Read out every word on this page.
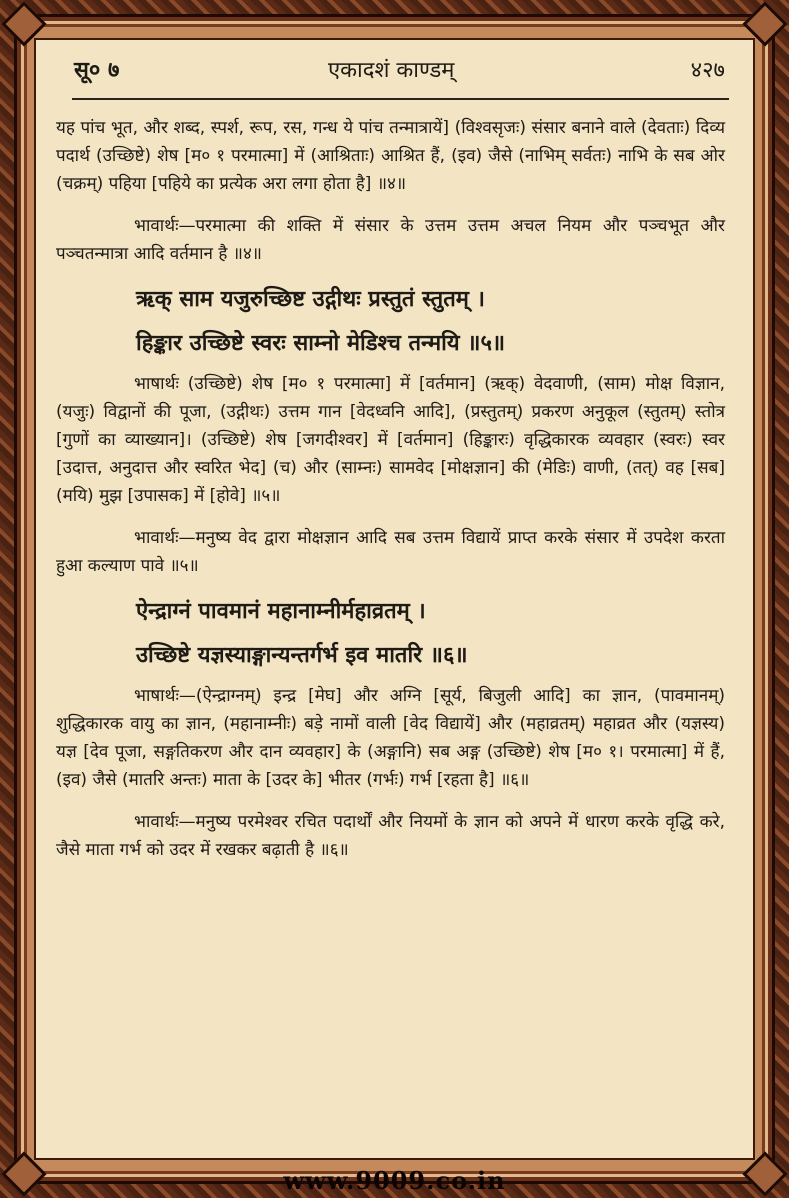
सू० ७	एकादशं काण्डम्	४२७

यह पांच भूत, और शब्द, स्पर्श, रूप, रस, गन्ध ये पांच तन्मात्रायें] (विश्वसृजः) संसार बनाने वाले (देवताः) दिव्य पदार्थ (उच्छिष्टे) शेष [म० १ परमात्मा] में (आश्रिताः) आश्रित हैं, (इव) जैसे (नाभिम् सर्वतः) नाभि के सब ओर (चक्रम्) पहिया [पहिये का प्रत्येक अरा लगा होता है] ॥४॥

भावार्थः—परमात्मा की शक्ति में संसार के उत्तम उत्तम अचल नियम और पञ्चभूत और पञ्चतन्मात्रा आदि वर्तमान है ॥४॥

ऋक् साम यजुरुच्छिष्ट उद्गीथः प्रस्तुतं स्तुतम् ।

हिङ्कार उच्छिष्टे स्वरः साम्नो मेडिश्च तन्मयि ॥५॥

भाषार्थः (उच्छिष्टे) शेष [म० १ परमात्मा] में [वर्तमान] (ऋक्) वेदवाणी, (साम) मोक्ष विज्ञान, (यजुः) विद्वानों की पूजा, (उद्गीथः) उत्तम गान [वेदध्वनि आदि], (प्रस्तुतम्) प्रकरण अनुकूल (स्तुतम्) स्तोत्र [गुणों का व्याख्यान]। (उच्छिष्टे) शेष [जगदीश्वर] में [वर्तमान] (हिङ्कारः) वृद्धिकारक व्यवहार (स्वरः) स्वर [उदात्त, अनुदात्त और स्वरित भेद] (च) और (साम्नः) सामवेद [मोक्षज्ञान] की (मेडिः) वाणी, (तत्) वह [सब] (मयि) मुझ [उपासक] में [होवे] ॥५॥

भावार्थः—मनुष्य वेद द्वारा मोक्षज्ञान आदि सब उत्तम विद्यायें प्राप्त करके संसार में उपदेश करता हुआ कल्याण पावे ॥५॥

ऐन्द्राग्नं पावमानं महानाम्नीर्महाव्रतम् ।

उच्छिष्टे यज्ञस्याङ्गान्यन्तर्गर्भ इव मातरि ॥६॥

भाषार्थः—(ऐन्द्राग्नम्) इन्द्र [मेघ] और अग्नि [सूर्य, बिजुली आदि] का ज्ञान, (पावमानम्) शुद्धिकारक वायु का ज्ञान, (महानाम्नीः) बड़े नामों वाली [वेद विद्यायें] और (महाव्रतम्) महाव्रत और (यज्ञस्य) यज्ञ [देव पूजा, सङ्गतिकरण और दान व्यवहार] के (अङ्गानि) सब अङ्ग (उच्छिष्टे) शेष [म० १। परमात्मा] में हैं, (इव) जैसे (मातरि अन्तः) माता के [उदर के] भीतर (गर्भः) गर्भ [रहता है] ॥६॥

भावार्थः—मनुष्य परमेश्वर रचित पदार्थों और नियमों के ज्ञान को अपने में धारण करके वृद्धि करे, जैसे माता गर्भ को उदर में रखकर बढ़ाती है ॥६॥

www.9009.co.in
